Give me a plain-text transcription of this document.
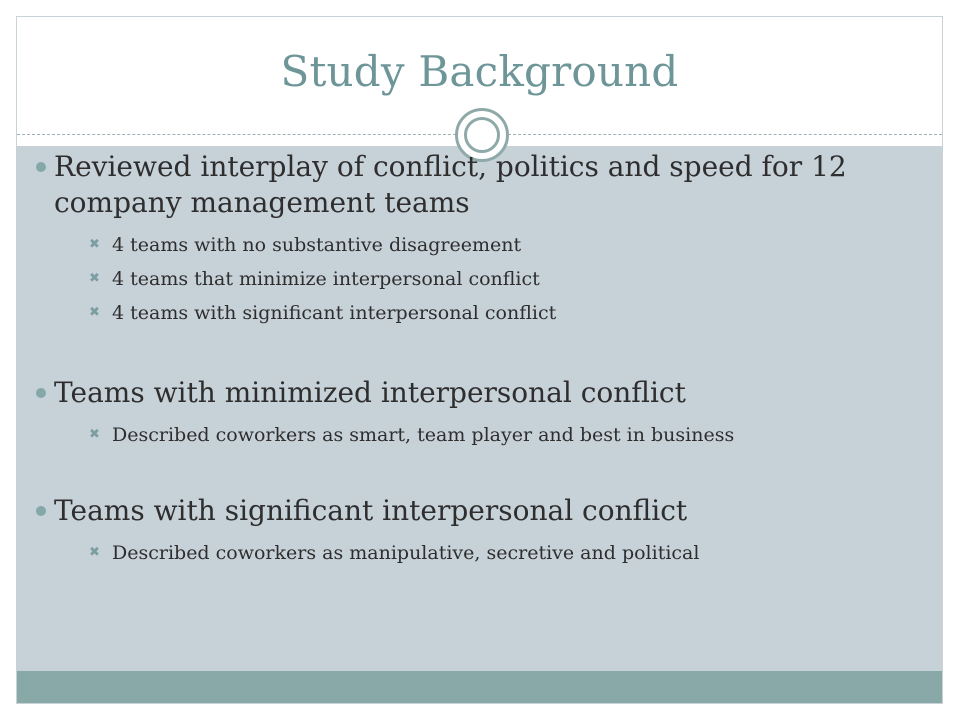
Study Background
Reviewed interplay of conflict, politics and speed for 12 company management teams
✖ 4 teams with no substantive disagreement
✖ 4 teams that minimize interpersonal conflict
✖ 4 teams with significant interpersonal conflict
Teams with minimized interpersonal conflict
✖ Described coworkers as smart, team player and best in business
Teams with significant interpersonal conflict
✖ Described coworkers as manipulative, secretive and political
